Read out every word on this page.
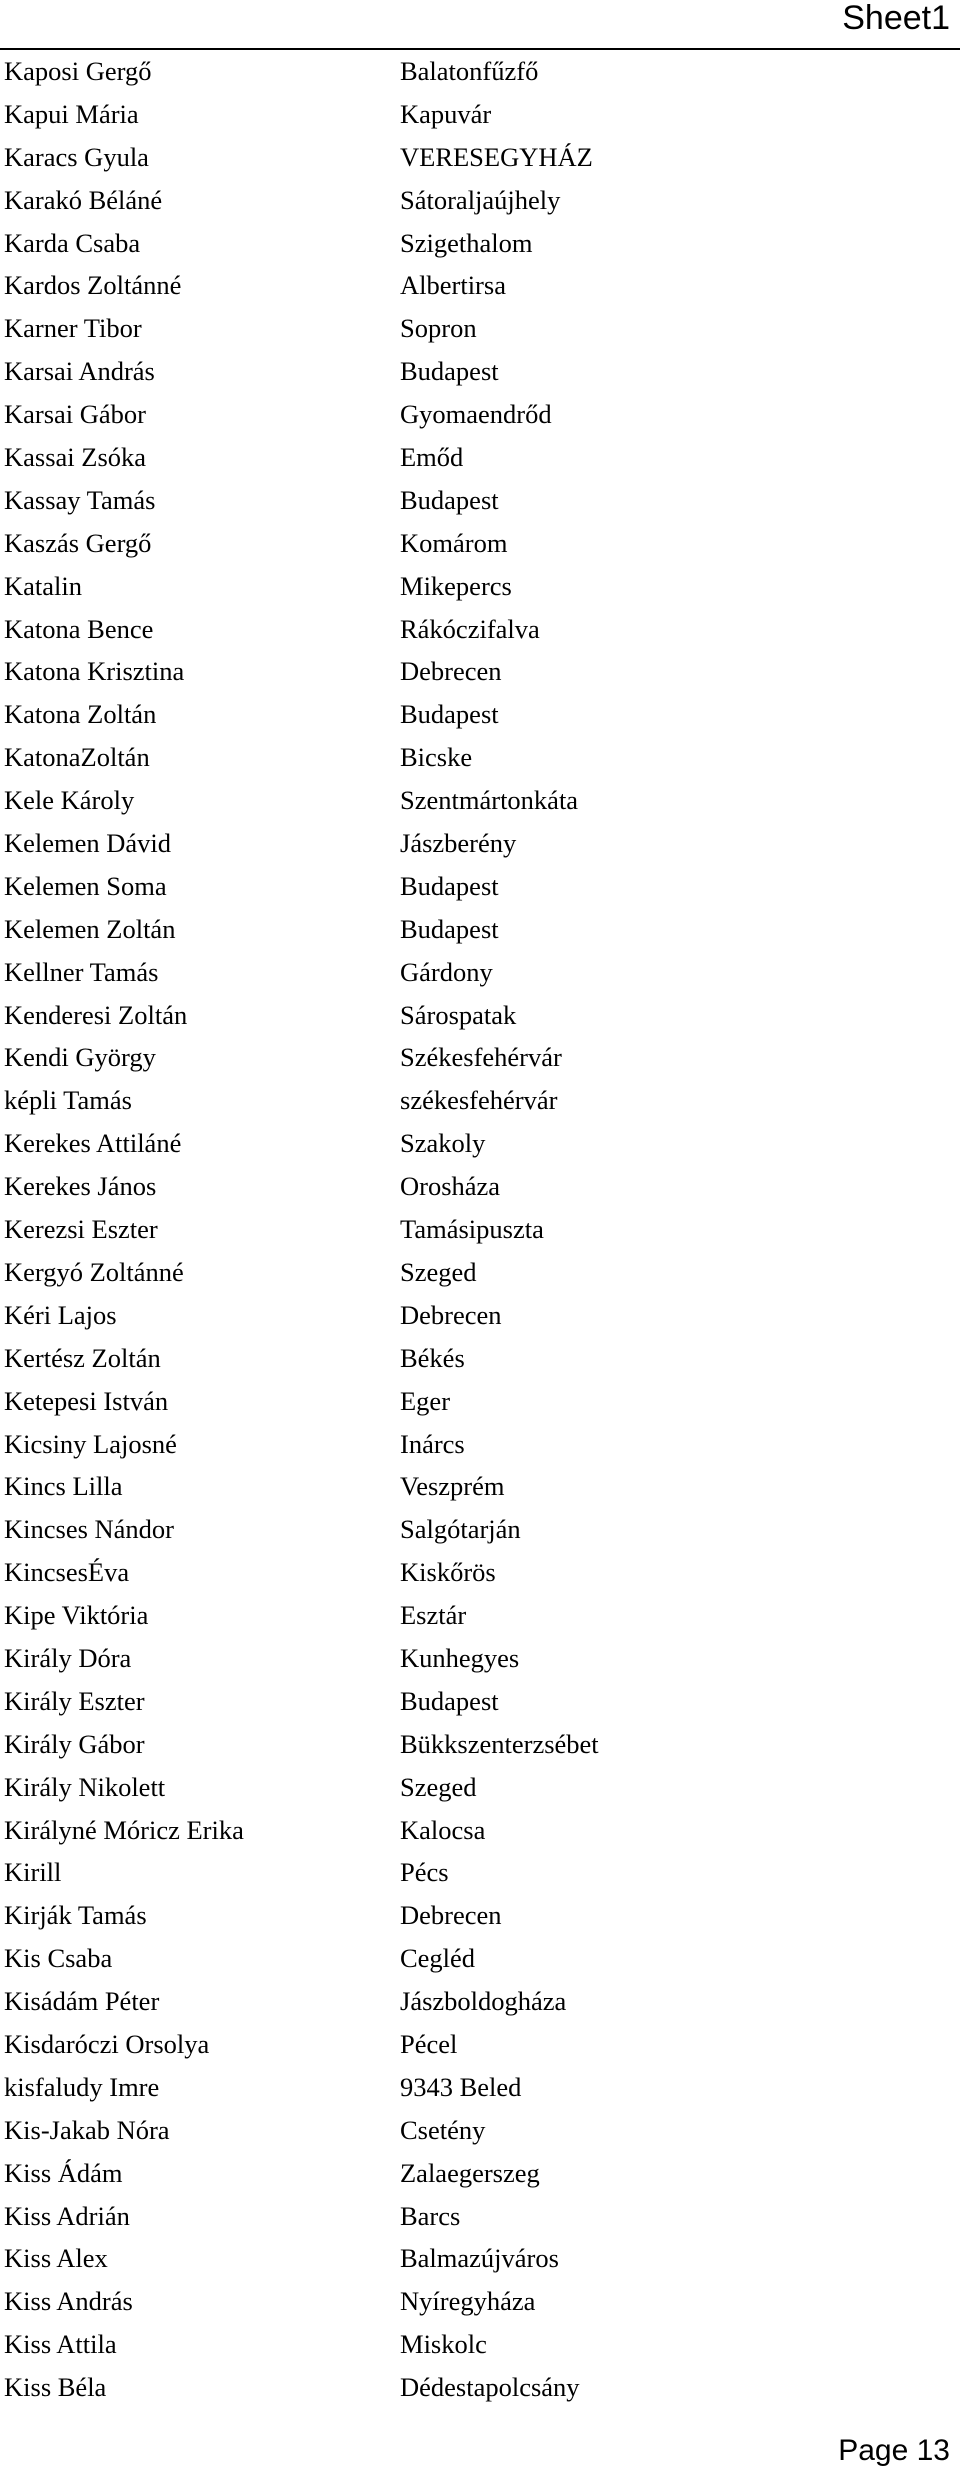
Sheet1
Kaposi Gergő	Balatonfűzfő
Kapui Mária	Kapuvár
Karacs Gyula	VERESEGYHÁZ
Karakó Béláné	Sátoraljaújhely
Karda Csaba	Szigethalom
Kardos Zoltánné	Albertirsa
Karner Tibor	Sopron
Karsai András	Budapest
Karsai Gábor	Gyomaendrőd
Kassai Zsóka	Emőd
Kassay Tamás	Budapest
Kaszás Gergő	Komárom
Katalin	Mikepercs
Katona Bence	Rákóczifalva
Katona Krisztina	Debrecen
Katona Zoltán	Budapest
KatonaZoltán	Bicske
Kele Károly	Szentmártonkáta
Kelemen Dávid	Jászberény
Kelemen Soma	Budapest
Kelemen Zoltán	Budapest
Kellner Tamás	Gárdony
Kenderesi Zoltán	Sárospatak
Kendi György	Székesfehérvár
képli Tamás	székesfehérvár
Kerekes Attiláné	Szakoly
Kerekes János	Orosháza
Kerezsi Eszter	Tamásipuszta
Kergyó Zoltánné	Szeged
Kéri Lajos	Debrecen
Kertész Zoltán	Békés
Ketepesi István	Eger
Kicsiny Lajosné	Inárcs
Kincs Lilla	Veszprém
Kincses Nándor	Salgótarján
KincsesÉva	Kiskőrös
Kipe Viktória	Esztár
Király Dóra	Kunhegyes
Király Eszter	Budapest
Király Gábor	Bükkszenterzsébet
Király Nikolett	Szeged
Királyné Móricz Erika	Kalocsa
Kirill	Pécs
Kirják Tamás	Debrecen
Kis Csaba	Cegléd
Kisádám Péter	Jászboldogháza
Kisdaróczi Orsolya	Pécel
kisfaludy Imre	9343 Beled
Kis-Jakab Nóra	Csetény
Kiss Ádám	Zalaegerszeg
Kiss Adrián	Barcs
Kiss Alex	Balmazújváros
Kiss András	Nyíregyháza
Kiss Attila	Miskolc
Kiss Béla	Dédestapolcsány
Page 13
